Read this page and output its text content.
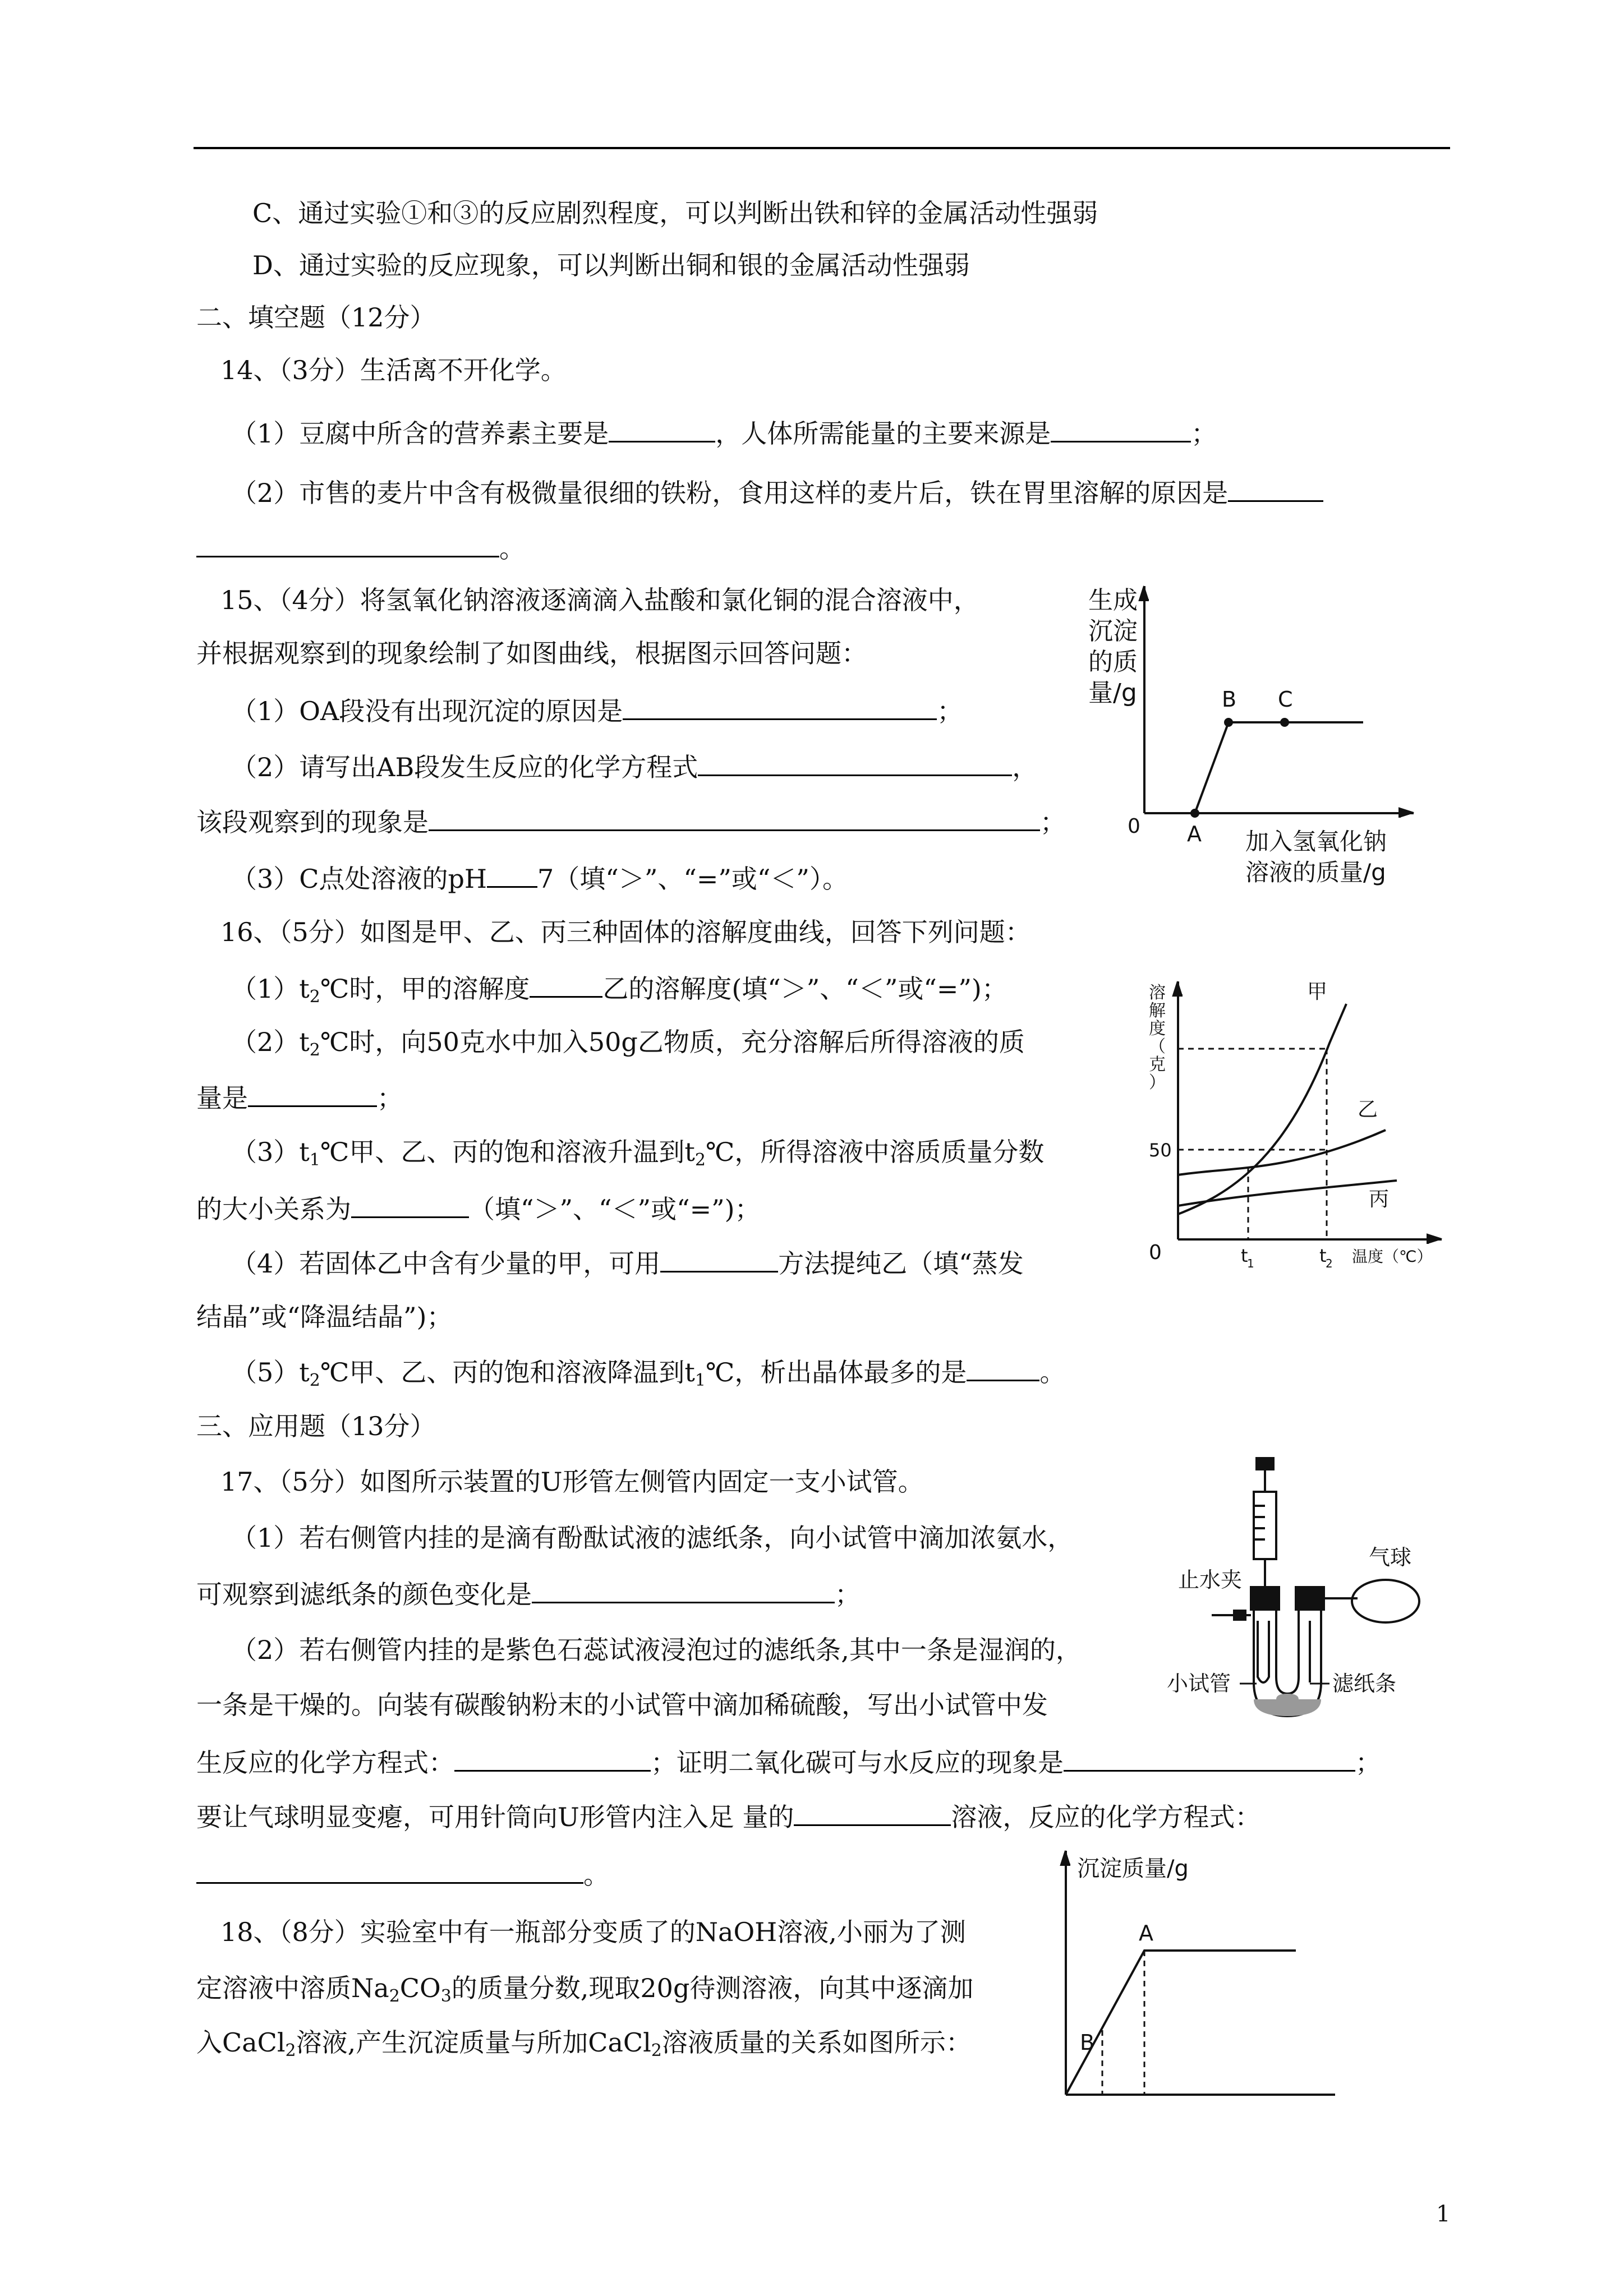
C、通过实验①和③的反应剧烈程度，可以判断出铁和锌的金属活动性强弱
D、通过实验的反应现象，可以判断出铜和银的金属活动性强弱
二、填空题（12分）
14、（3分）生活离不开化学。
（1）豆腐中所含的营养素主要是	，人体所需能量的主要来源是	；
（2）市售的麦片中含有极微量很细的铁粉，食用这样的麦片后，铁在胃里溶解的原因是
。
15、（4分）将氢氧化钠溶液逐滴滴入盐酸和氯化铜的混合溶液中，
并根据观察到的现象绘制了如图曲线，根据图示回答问题：
（1）OA段没有出现沉淀的原因是	；
（2）请写出AB段发生反应的化学方程式	，
该段观察到的现象是	；
（3）C点处溶液的pH 7（填“＞”、“=”或“＜”）。
16、（5分）如图是甲、乙、丙三种固体的溶解度曲线，回答下列问题：
$(1)t_2℃$时，甲的溶解度	乙的溶解度(填“＞”、“＜”或“=”)；
$(2)t_2℃$时，向50克水中加入50g乙物质，充分溶解后所得溶液的质
量是	；
$(3)t_1℃$甲、乙、丙的饱和溶液升温到$t_2℃$，所得溶液中溶质质量分数
的大小关系为	（填“＞”、“＜”或“=”)；
（4）若固体乙中含有少量的甲，可用	方法提纯乙（填“蒸发
结晶”或“降温结晶”)；
$(5)t_2℃$甲、乙、丙的饱和溶液降温到$t_1℃$，析出晶体最多的是	。
三、应用题（13分）
17、（5分）如图所示装置的U形管左侧管内固定一支小试管。
（1）若右侧管内挂的是滴有酚酞试液的滤纸条，向小试管中滴加浓氨水，
可观察到滤纸条的颜色变化是	；
（2）若右侧管内挂的是紫色石蕊试液浸泡过的滤纸条,其中一条是湿润的，
一条是干燥的。向装有碳酸钠粉末的小试管中滴加稀硫酸，写出小试管中发
生反应的化学方程式：	；证明二氧化碳可与水反应的现象是	；
要让气球明显变瘪，可用针筒向U形管内注入足 量的	溶液，反应的化学方程式：
。
18、（8分）实验室中有一瓶部分变质了的NaOH溶液,小丽为了测
定溶液中溶质$Na_2CO_3$的质量分数,现取20g待测溶液，向其中逐滴加
入CaCl$_2$溶液,产生沉淀质量与所加CaCl$_2$溶液质量的关系如图所示：
生成
沉淀
的质
量/g
0 A
B C
加入氢氧化钠
溶液的质量/g
溶
解
度
（
克
）
50
0
甲
乙
丙
t
1	t
2 温度（℃）
止水夹
气球
小试管	滤纸条
沉淀质量/g
A
B
1
